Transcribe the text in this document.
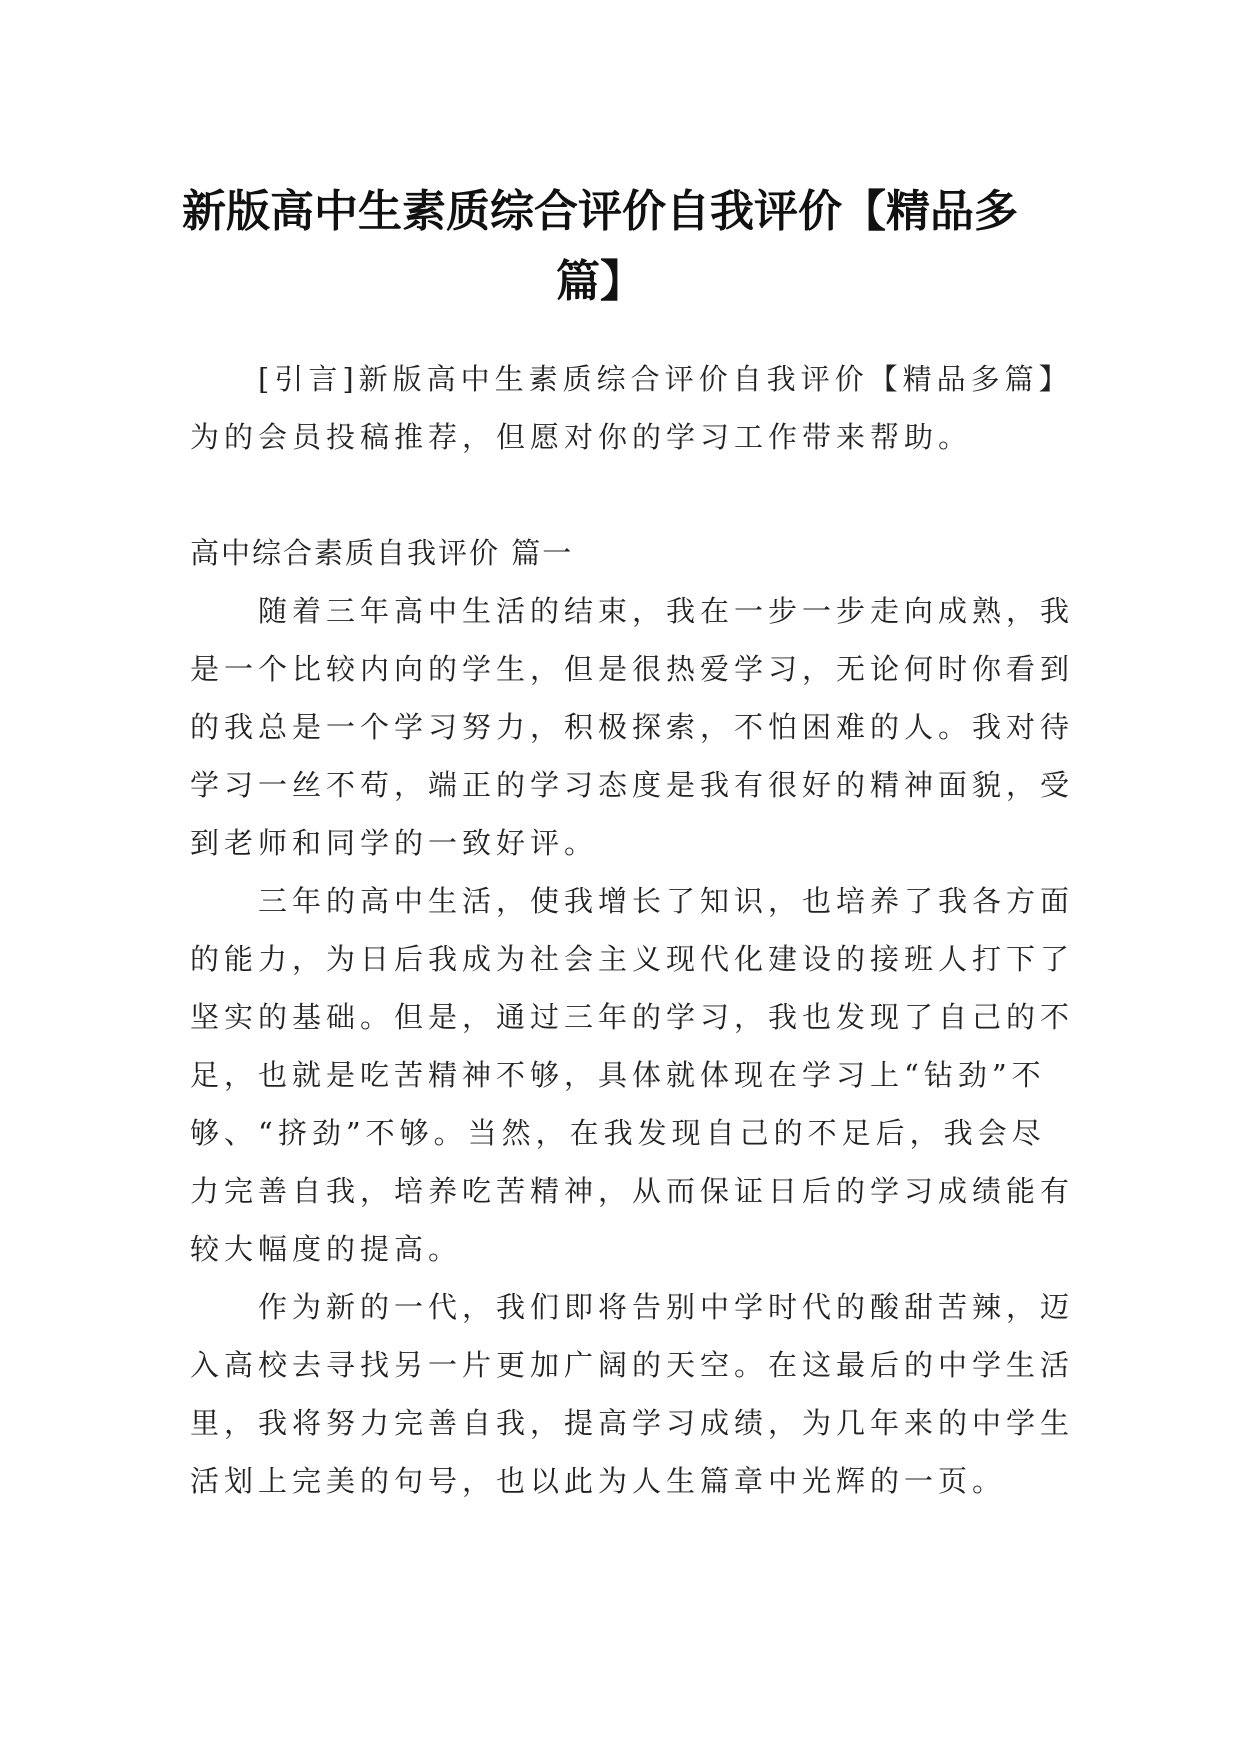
新版高中生素质综合评价自我评价【精品多
篇】
　　[引言]新版高中生素质综合评价自我评价【精品多篇】
为的会员投稿推荐，但愿对你的学习工作带来帮助。
高中综合素质自我评价 篇一
　　随着三年高中生活的结束，我在一步一步走向成熟，我
是一个比较内向的学生，但是很热爱学习，无论何时你看到
的我总是一个学习努力，积极探索，不怕困难的人。我对待
学习一丝不苟，端正的学习态度是我有很好的精神面貌，受
到老师和同学的一致好评。
　　三年的高中生活，使我增长了知识，也培养了我各方面
的能力，为日后我成为社会主义现代化建设的接班人打下了
坚实的基础。但是，通过三年的学习，我也发现了自己的不
足，也就是吃苦精神不够，具体就体现在学习上“钻劲”不
够、“挤劲”不够。当然，在我发现自己的不足后，我会尽
力完善自我，培养吃苦精神，从而保证日后的学习成绩能有
较大幅度的提高。
　　作为新的一代，我们即将告别中学时代的酸甜苦辣，迈
入高校去寻找另一片更加广阔的天空。在这最后的中学生活
里，我将努力完善自我，提高学习成绩，为几年来的中学生
活划上完美的句号，也以此为人生篇章中光辉的一页。
